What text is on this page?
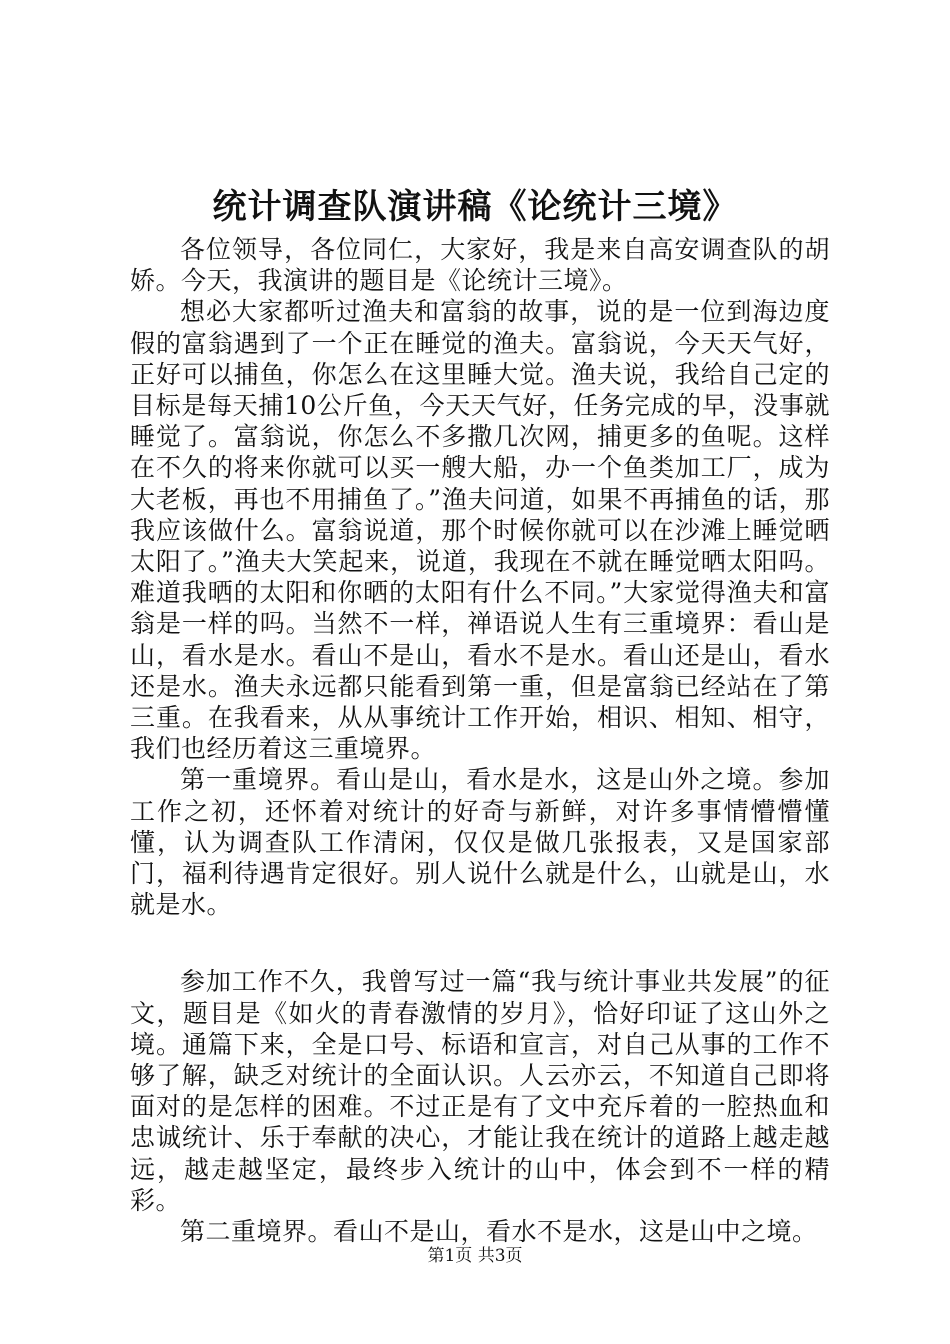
统计调查队演讲稿《论统计三境》

各位领导，各位同仁，大家好，我是来自高安调查队的胡娇。今天，我演讲的题目是《论统计三境》。

想必大家都听过渔夫和富翁的故事，说的是一位到海边度假的富翁遇到了一个正在睡觉的渔夫。富翁说，今天天气好，正好可以捕鱼，你怎么在这里睡大觉。渔夫说，我给自己定的目标是每天捕10公斤鱼，今天天气好，任务完成的早，没事就睡觉了。富翁说，你怎么不多撒几次网，捕更多的鱼呢。这样在不久的将来你就可以买一艘大船，办一个鱼类加工厂，成为大老板，再也不用捕鱼了。”渔夫问道，如果不再捕鱼的话，那我应该做什么。富翁说道，那个时候你就可以在沙滩上睡觉晒太阳了。”渔夫大笑起来，说道，我现在不就在睡觉晒太阳吗。难道我晒的太阳和你晒的太阳有什么不同。”大家觉得渔夫和富翁是一样的吗。当然不一样，禅语说人生有三重境界：看山是山，看水是水。看山不是山，看水不是水。看山还是山，看水还是水。渔夫永远都只能看到第一重，但是富翁已经站在了第三重。在我看来，从从事统计工作开始，相识、相知、相守，我们也经历着这三重境界。

第一重境界。看山是山，看水是水，这是山外之境。参加工作之初，还怀着对统计的好奇与新鲜，对许多事情懵懵懂懂，认为调查队工作清闲，仅仅是做几张报表，又是国家部门，福利待遇肯定很好。别人说什么就是什么，山就是山，水就是水。

参加工作不久，我曾写过一篇“我与统计事业共发展”的征文，题目是《如火的青春激情的岁月》，恰好印证了这山外之境。通篇下来，全是口号、标语和宣言，对自己从事的工作不够了解，缺乏对统计的全面认识。人云亦云，不知道自己即将面对的是怎样的困难。不过正是有了文中充斥着的一腔热血和忠诚统计、乐于奉献的决心，才能让我在统计的道路上越走越远，越走越坚定，最终步入统计的山中，体会到不一样的精彩。

第二重境界。看山不是山，看水不是水，这是山中之境。

第1页 共3页
